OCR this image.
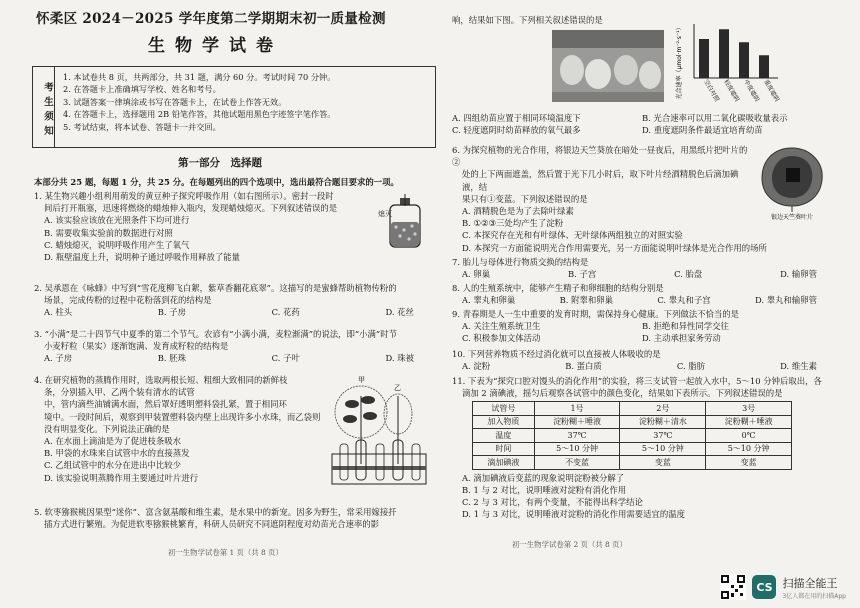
怀柔区 2024－2025 学年度第二学期期末初一质量检测
生物学试卷
考生须知
1. 本试卷共 8 页，共两部分，共 31 题，满分 60 分。考试时间 70 分钟。
2. 在答题卡上准确填写学校、姓名和考号。
3. 试题答案一律填涂或书写在答题卡上，在试卷上作答无效。
4. 在答题卡上，选择题用 2B 铅笔作答，其他试题用黑色字迹签字笔作答。
5. 考试结束，将本试卷、答题卡一并交回。
第一部分　选择题
本部分共 25 题，每题 1 分，共 25 分。在每题列出的四个选项中，选出最符合题目要求的一项。

1. 某生物兴趣小组利用萌发的黄豆种子探究呼吸作用（如右图所示）。密封一段时

间后打开瓶塞，迅速将燃烧的蜡烛伸入瓶内，发现蜡烛熄灭。下列叙述错误的是

A. 该实验应该放在光照条件下均可进行

B. 需要收集实验前的数据进行对照

C. 蜡烛熄灭，说明呼吸作用产生了氧气

D. 瓶壁温度上升，说明种子通过呼吸作用释放了能量

熄灭

2. 吴承恩在《咏蜂》中写到“雪花度柳飞白絮，紫草香翻花底翠”。这描写的是蜜蜂帮助植物传粉的

场景，完成传粉的过程中花粉落到花的结构是

A. 柱头	B. 子房	C. 花药	D. 花丝

3. “小满”是二十四节气中夏季的第二个节气。农谚有“小满小满，麦粒渐满”的说法，即“小满”时节

小麦籽粒（果实）逐渐饱满、发育成籽粒的结构是

A. 子房	B. 胚珠	C. 子叶	D. 珠被

4. 在研究植物的蒸腾作用时，选取两根长短、粗细大致相同的新鲜枝

条，分别插入甲、乙两个装有清水的试管

中，管内滴些油铺满水面，然后罩好透明塑料袋扎紧，置于相同环

境中。一段时间后，观察到甲装置塑料袋内壁上出现许多小水珠，而乙袋则

没有明显变化。下列说法正确的是

A. 在水面上滴油是为了促进枝条吸水

B. 甲袋的水珠来自试管中水的直接蒸发

C. 乙组试管中的水分在进出中比较少

D. 该实验说明蒸腾作用主要通过叶片进行

甲
乙

5. 软枣猕猴桃因果型“迷你”、富含氨基酸和维生素，是水果中的新宠。因多为野生，常采用嫁接扦

插方式进行繁殖。为促进软枣猕猴桃繁育，科研人员研究不同遮阴程度对幼苗光合速率的影

初一生物学试卷第 1 页（共 8 页）

响，结果如下图。下列相关叙述错误的是

光合速率（μmol·m⁻²·s⁻¹）	空白对照 轻度遮阴 中度遮阴 重度遮阴
A. 四组幼苗应置于相同环境温度下	B. 光合速率可以用二氧化碳吸收量表示
C. 轻度遮阴时幼苗释放的氧气最多	D. 重度遮阴条件最适宜培育幼苗

6. 为探究植物的光合作用，将银边天竺葵放在暗处一昼夜后，用黑纸片把叶片的②

处的上下两面遮盖，然后置于光下几小时后，取下叶片经酒精脱色后滴加碘液，结

果只有①变蓝。下列叙述错误的是

A. 酒精脱色是为了去除叶绿素

B. ①②③三处均产生了淀粉

C. 本探究存在光和有叶绿体、无叶绿体两组独立的对照实验

D. 本探究一方面能说明光合作用需要光，另一方面能说明叶绿体是光合作用的场所

银边天竺葵叶片

7. 胎儿与母体进行物质交换的结构是

A. 卵巢	B. 子宫	C. 胎盘	D. 输卵管

8. 人的生殖系统中，能够产生精子和卵细胞的结构分别是

A. 睾丸和卵巢	B. 附睾和卵巢	C. 睾丸和子宫	D. 睾丸和输卵管

9. 青春期是人一生中重要的发育时期，需保持身心健康。下列做法不恰当的是

A. 关注生殖系统卫生	B. 拒绝和异性同学交往
C. 积极参加文体活动	D. 主动承担家务劳动

10. 下列营养物质不经过消化就可以直接被人体吸收的是

A. 淀粉	B. 蛋白质	C. 脂肪	D. 维生素

11. 下表为“探究口腔对馒头的消化作用”的实验，将三支试管一起放入水中，5～10 分钟后取出，各

滴加 2 滴碘液，摇匀后观察各试管中的颜色变化，结果如下表所示。下列叙述错误的是

试管号	1号	2号	3号
加入物质	淀粉糊＋唾液	淀粉糊＋清水	淀粉糊＋唾液
温度	37℃	37℃	0℃
时间	5～10 分钟	5～10 分钟	5～10 分钟
滴加碘液	不变蓝	变蓝	变蓝

A. 滴加碘液后变蓝的现象说明淀粉被分解了

B. 1 与 2 对比，说明唾液对淀粉有消化作用

C. 2 与 3 对比，有两个变量，不能得出科学结论

D. 1 与 3 对比，说明唾液对淀粉的消化作用需要适宜的温度

初一生物学试卷第 2 页（共 8 页）
CS 扫描全能王
3亿人都在用的扫描App
